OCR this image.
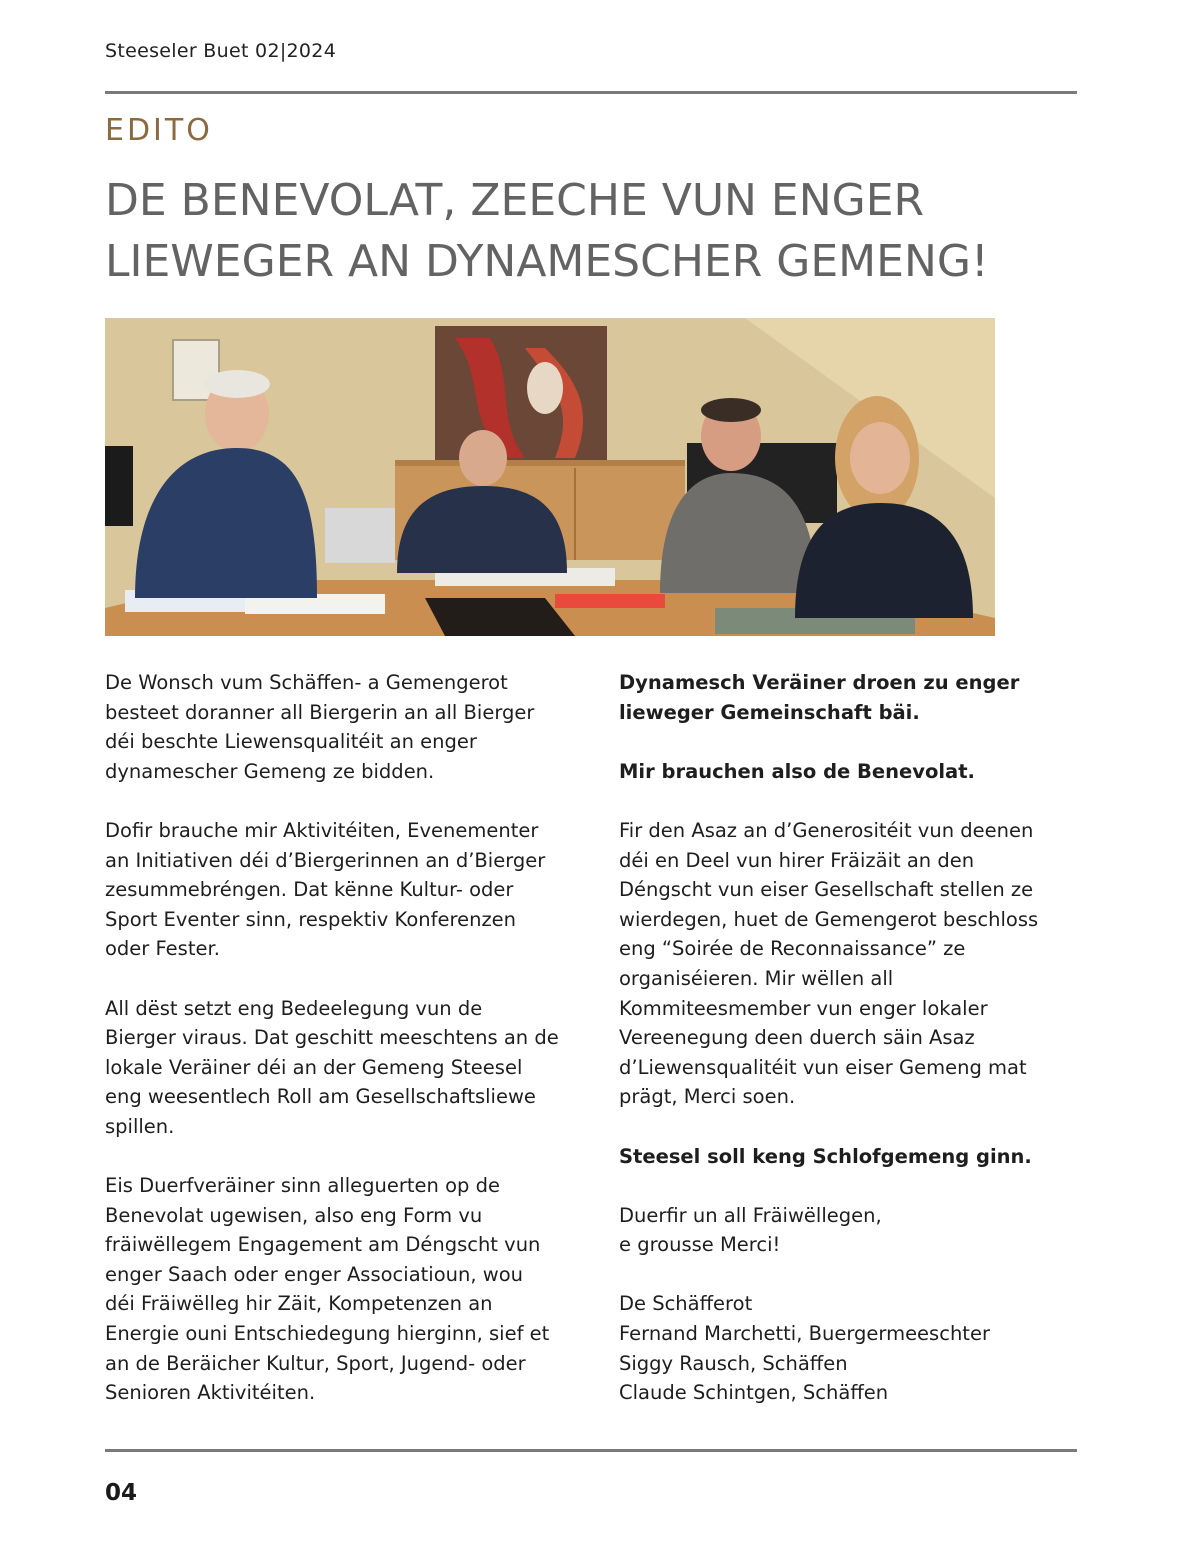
Steeseler Buet 02|2024
EDITO
DE BENEVOLAT, ZEECHE VUN ENGER
LIEWEGER AN DYNAMESCHER GEMENG!

De Wonsch vum Schäffen- a Gemengerot
besteet doranner all Biergerin an all Bierger
déi beschte Liewensqualitéit an enger
dynamescher Gemeng ze bidden.

Dofir brauche mir Aktivitéiten, Evenementer
an Initiativen déi d’Biergerinnen an d’Bierger
zesummebréngen. Dat kënne Kultur- oder
Sport Eventer sinn, respektiv Konferenzen
oder Fester.

All dëst setzt eng Bedeelegung vun de
Bierger viraus. Dat geschitt meeschtens an de
lokale Veräiner déi an der Gemeng Steesel
eng weesentlech Roll am Gesellschaftsliewe
spillen.

Eis Duerfveräiner sinn alleguerten op de
Benevolat ugewisen, also eng Form vu
fräiwëllegem Engagement am Déngscht vun
enger Saach oder enger Associatioun, wou
déi Fräiwëlleg hir Zäit, Kompetenzen an
Energie ouni Entschiedegung hierginn, sief et
an de Beräicher Kultur, Sport, Jugend- oder
Senioren Aktivitéiten.

Dynamesch Veräiner droen zu enger
lieweger Gemeinschaft bäi.

Mir brauchen also de Benevolat.

Fir den Asaz an d’Generositéit vun deenen
déi en Deel vun hirer Fräizäit an den
Déngscht vun eiser Gesellschaft stellen ze
wierdegen, huet de Gemengerot beschloss
eng “Soirée de Reconnaissance” ze
organiséieren. Mir wëllen all
Kommiteesmember vun enger lokaler
Vereenegung deen duerch säin Asaz
d’Liewensqualitéit vun eiser Gemeng mat
prägt, Merci soen.

Steesel soll keng Schlofgemeng ginn.

Duerfir un all Fräiwëllegen,
e grousse Merci!

De Schäfferot
Fernand Marchetti, Buergermeeschter
Siggy Rausch, Schäffen
Claude Schintgen, Schäffen

04
